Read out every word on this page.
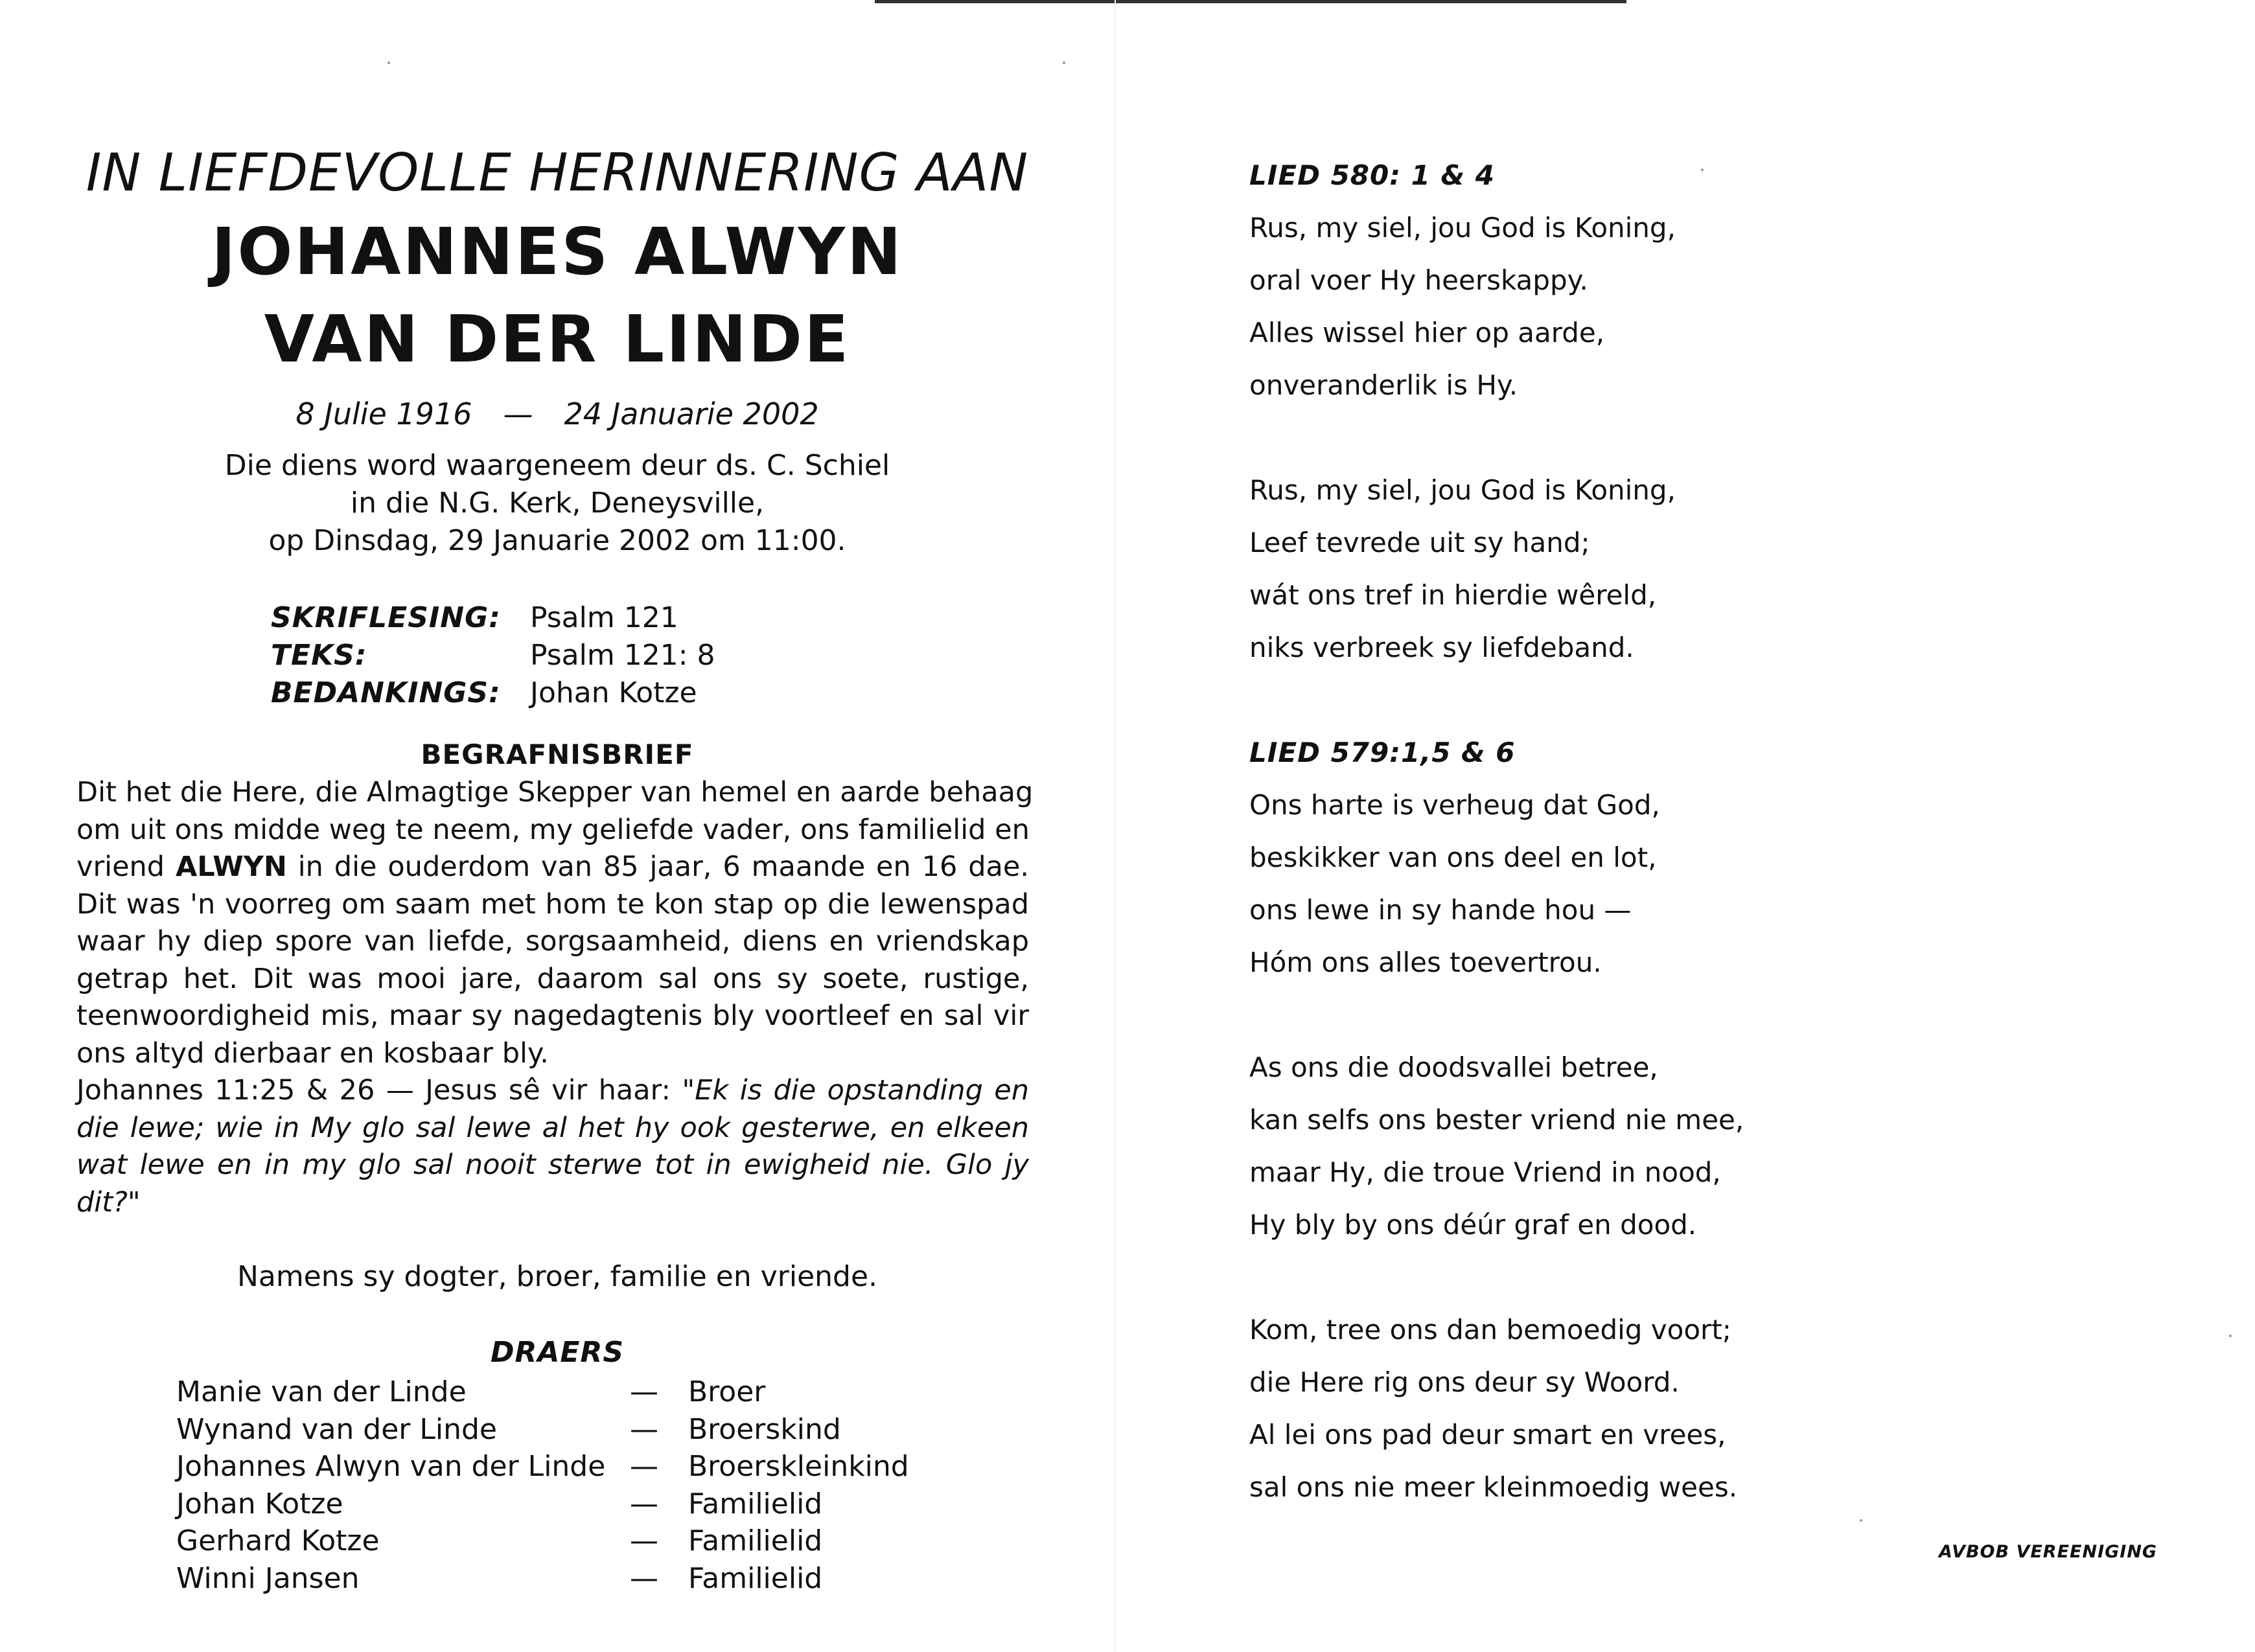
IN LIEFDEVOLLE HERINNERING AAN
JOHANNES ALWYN
VAN DER LINDE
8 Julie 1916 — 24 Januarie 2002
Die diens word waargeneem deur ds. C. Schiel
in die N.G. Kerk, Deneysville,
op Dinsdag, 29 Januarie 2002 om 11:00.
SKRIFLESING:	Psalm 121
TEKS:	Psalm 121: 8
BEDANKINGS:	Johan Kotze
BEGRAFNISBRIEF
Dit het die Here, die Almagtige Skepper van hemel en aarde behaag
om uit ons midde weg te neem, my geliefde vader, ons familielid en
vriend ALWYN in die ouderdom van 85 jaar, 6 maande en 16 dae.
Dit was 'n voorreg om saam met hom te kon stap op die lewenspad
waar hy diep spore van liefde, sorgsaamheid, diens en vriendskap
getrap het. Dit was mooi jare, daarom sal ons sy soete, rustige,
teenwoordigheid mis, maar sy nagedagtenis bly voortleef en sal vir
ons altyd dierbaar en kosbaar bly.
Johannes 11:25 & 26 — Jesus sê vir haar: "Ek is die opstanding en
die lewe; wie in My glo sal lewe al het hy ook gesterwe, en elkeen
wat lewe en in my glo sal nooit sterwe tot in ewigheid nie. Glo jy
dit?"
Namens sy dogter, broer, familie en vriende.
DRAERS
Manie van der Linde	—	Broer
Wynand van der Linde	—	Broerskind
Johannes Alwyn van der Linde —	Broerskleinkind
Johan Kotze	—	Familielid
Gerhard Kotze	—	Familielid
Winni Jansen	—	Familielid
LIED 580: 1 & 4
Rus, my siel, jou God is Koning,
oral voer Hy heerskappy.
Alles wissel hier op aarde,
onveranderlik is Hy.
Rus, my siel, jou God is Koning,
Leef tevrede uit sy hand;
wát ons tref in hierdie wêreld,
niks verbreek sy liefdeband.
LIED 579:1,5 & 6
Ons harte is verheug dat God,
beskikker van ons deel en lot,
ons lewe in sy hande hou —
Hóm ons alles toevertrou.
As ons die doodsvallei betree,
kan selfs ons bester vriend nie mee,
maar Hy, die troue Vriend in nood,
Hy bly by ons déúr graf en dood.
Kom, tree ons dan bemoedig voort;
die Here rig ons deur sy Woord.
Al lei ons pad deur smart en vrees,
sal ons nie meer kleinmoedig wees.
AVBOB VEREENIGING
